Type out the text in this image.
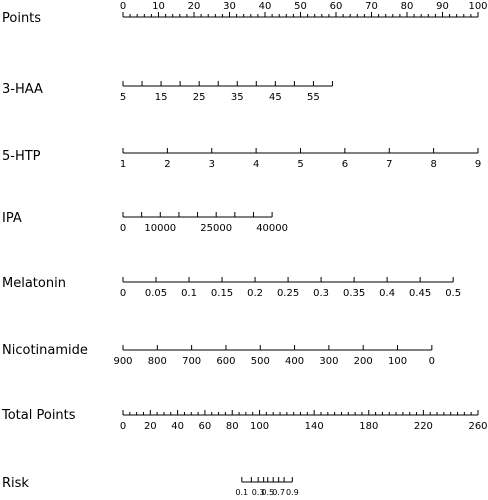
Points
0	10 20 30 40 50 60 70 80 90 100
3-HAA
5	15	25	35	45	55
5-HTP
1	2	3	4	5	6	7	8	9
IPA
0 10000 25000 40000
Melatonin
0 0.05 0.1 0.15 0.2 0.25 0.3 0.35 0.4 0.45 0.5
Nicotinamide
900 800 700 600 500 400 300 200 100 0
Total Points
0 20 40 60 80 100	140	180	220	260
Risk
0.1 0.3
0.5
0.7 0.9
